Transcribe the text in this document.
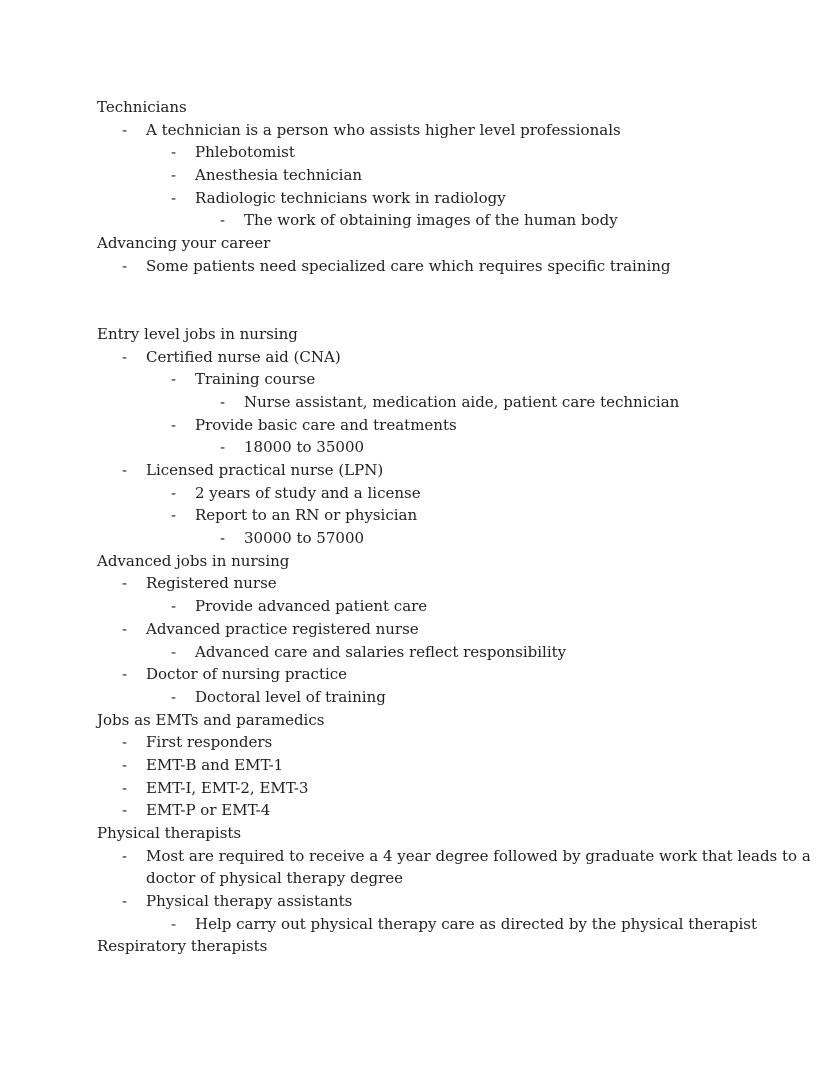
Technicians
- A technician is a person who assists higher level professionals
- Phlebotomist
- Anesthesia technician
- Radiologic technicians work in radiology
- The work of obtaining images of the human body
Advancing your career
- Some patients need specialized care which requires specific training
Entry level jobs in nursing
- Certified nurse aid (CNA)
- Training course
- Nurse assistant, medication aide, patient care technician
- Provide basic care and treatments
- 18000 to 35000
- Licensed practical nurse (LPN)
- 2 years of study and a license
- Report to an RN or physician
- 30000 to 57000
Advanced jobs in nursing
- Registered nurse
- Provide advanced patient care
- Advanced practice registered nurse
- Advanced care and salaries reflect responsibility
- Doctor of nursing practice
- Doctoral level of training
Jobs as EMTs and paramedics
- First responders
- EMT-B and EMT-1
- EMT-I, EMT-2, EMT-3
- EMT-P or EMT-4
Physical therapists
- Most are required to receive a 4 year degree followed by graduate work that leads to a
doctor of physical therapy degree
- Physical therapy assistants
- Help carry out physical therapy care as directed by the physical therapist
Respiratory therapists
